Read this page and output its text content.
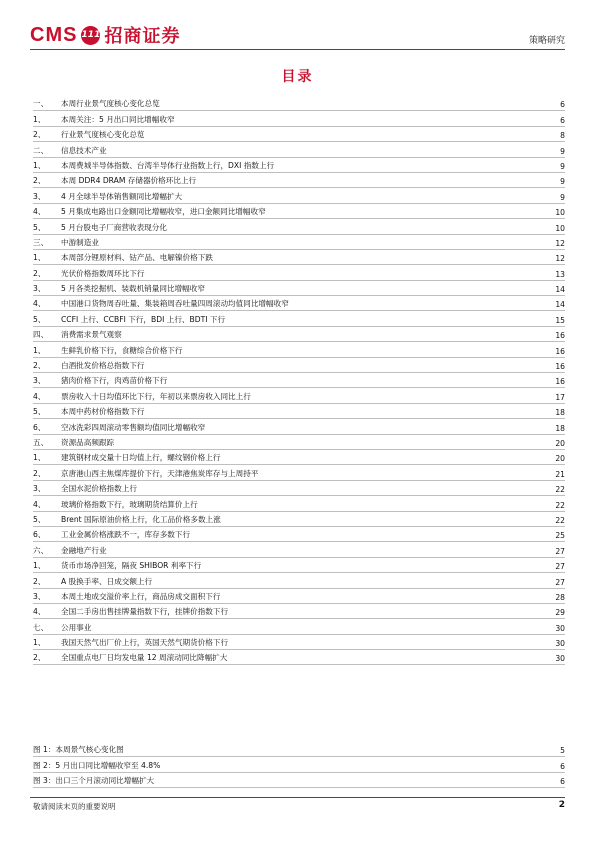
CMS 111 招商证券	策略研究
目录
一、 本周行业景气度核心变化总览	6
1、 本周关注：5 月出口同比增幅收窄	6
2、 行业景气度核心变化总览	8
二、 信息技术产业	9
1、 本周费城半导体指数、台湾半导体行业指数上行，DXI 指数上行	9
2、 本周 DDR4 DRAM 存储器价格环比上行	9
3、 4 月全球半导体销售额同比增幅扩大	9
4、 5 月集成电路出口金额同比增幅收窄，进口金额同比增幅收窄	10
5、 5 月台股电子厂商营收表现分化	10
三、 中游制造业	12
1、 本周部分锂原材料、钴产品、电解镍价格下跌	12
2、 光伏价格指数周环比下行	13
3、 5 月各类挖掘机、装载机销量同比增幅收窄	14
4、 中国港口货物周吞吐量、集装箱周吞吐量四周滚动均值同比增幅收窄	14
5、 CCFI 上行、CCBFI 下行，BDI 上行、BDTI 下行	15
四、 消费需求景气观察	16
1、 生鲜乳价格下行，食糖综合价格下行	16
2、 白酒批发价格总指数下行	16
3、 猪肉价格下行，肉鸡苗价格下行	16
4、 票房收入十日均值环比下行，年初以来票房收入同比上行	17
5、 本周中药材价格指数下行	18
6、 空冰洗彩四周滚动零售额均值同比增幅收窄	18
五、 资源品高频跟踪	20
1、 建筑钢材成交量十日均值上行，螺纹钢价格上行	20
2、 京唐港山西主焦煤库提价下行，天津港焦炭库存与上周持平	21
3、 全国水泥价格指数上行	22
4、 玻璃价格指数下行，玻璃期货结算价上行	22
5、 Brent 国际原油价格上行，化工品价格多数上涨	22
6、 工业金属价格涨跌不一，库存多数下行	25
六、 金融地产行业	27
1、 货币市场净回笼，隔夜 SHIBOR 利率下行	27
2、 A 股换手率、日成交额上行	27
3、 本周土地成交溢价率上行，商品房成交面积下行	28
4、 全国二手房出售挂牌量指数下行，挂牌价指数下行	29
七、 公用事业	30
1、 我国天然气出厂价上行，英国天然气期货价格下行	30
2、 全国重点电厂日均发电量 12 周滚动同比降幅扩大	30
图 1：本周景气核心变化图	5
图 2：5 月出口同比增幅收窄至 4.8%	6
图 3：出口三个月滚动同比增幅扩大	6
敬请阅读末页的重要说明	2
